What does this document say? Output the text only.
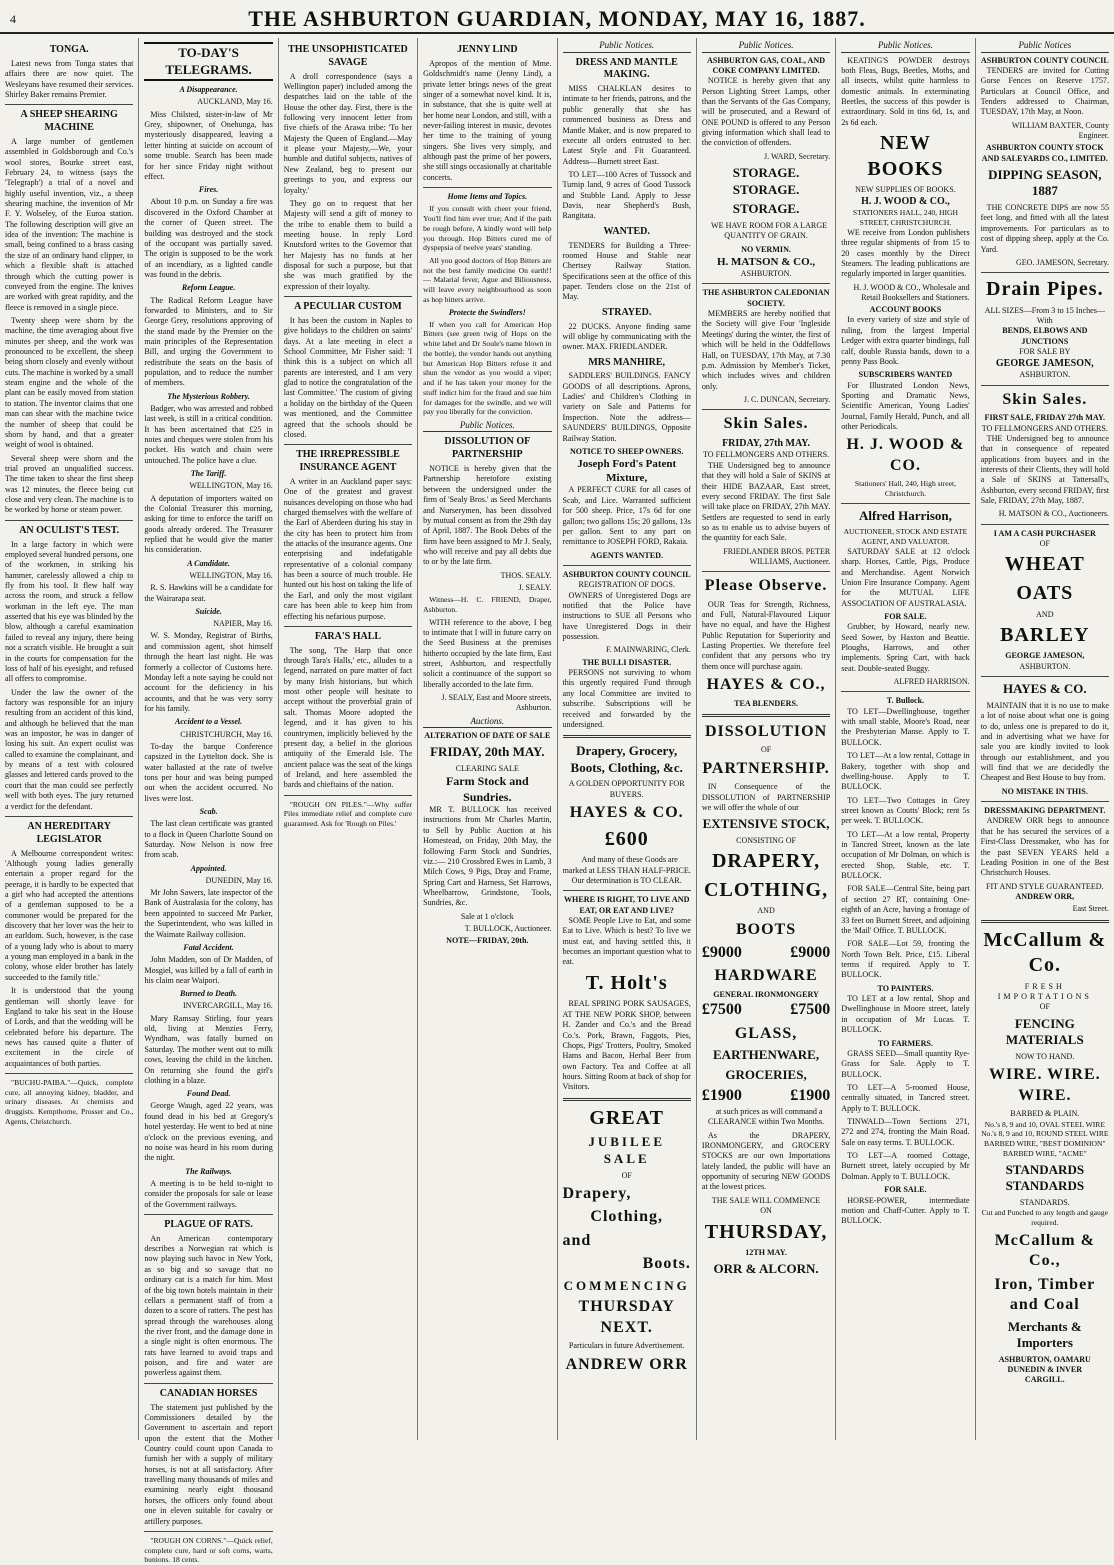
4	THE ASHBURTON GUARDIAN, MONDAY, MAY 16, 1887.
TONGA.

Latest news from Tonga states that affairs there are now quiet. The Wesleyans have resumed their services. Shirley Baker remains Premier.

A SHEEP SHEARING MACHINE

A large number of gentlemen assembled in Goldsborough and Co.'s wool stores, Bourke street east, February 24, to witness (says the 'Telegraph') a trial of a novel and highly useful invention, viz., a sheep shearing machine, the invention of Mr F. Y. Wolseley, of the Euroa station. The following description will give an idea of the invention: The machine is small, being confined to a brass casing the size of an ordinary hand clipper, to which a flexible shaft is attached through which the cutting power is conveyed from the engine. The knives are worked with great rapidity, and the fleece is removed in a single piece.

Twenty sheep were shorn by the machine, the time averaging about five minutes per sheep, and the work was pronounced to be excellent, the sheep being shorn closely and evenly without cuts. The machine is worked by a small steam engine and the whole of the plant can be easily moved from station to station. The inventor claims that one man can shear with the machine twice the number of sheep that could be shorn by hand, and that a greater weight of wool is obtained.

Several sheep were shorn and the trial proved an unqualified success. The time taken to shear the first sheep was 12 minutes, the fleece being cut close and very clean. The machine is to be worked by horse or steam power.

AN OCULIST'S TEST.

In a large factory in which were employed several hundred persons, one of the workmen, in striking his hammer, carelessly allowed a chip to fly from his tool. It flew half way across the room, and struck a fellow workman in the left eye. The man asserted that his eye was blinded by the blow, although a careful examination failed to reveal any injury, there being not a scratch visible. He brought a suit in the courts for compensation for the loss of half of his eyesight, and refused all offers to compromise.

Under the law the owner of the factory was responsible for an injury resulting from an accident of this kind, and although he believed that the man was an impostor, he was in danger of losing his suit. An expert oculist was called to examine the complainant, and by means of a test with coloured glasses and lettered cards proved to the court that the man could see perfectly well with both eyes. The jury returned a verdict for the defendant.

AN HEREDITARY LEGISLATOR

A Melbourne correspondent writes: 'Although young ladies generally entertain a proper regard for the peerage, it is hardly to be expected that a girl who had accepted the attentions of a gentleman supposed to be a commoner would be prepared for the discovery that her lover was the heir to an earldom. Such, however, is the case of a young lady who is about to marry a young man employed in a bank in the colony, whose elder brother has lately succeeded to the family title.'

It is understood that the young gentleman will shortly leave for England to take his seat in the House of Lords, and that the wedding will be celebrated before his departure. The news has caused quite a flutter of excitement in the circle of acquaintances of both parties.

"BUCHU-PAIBA."—Quick, complete cure, all annoying kidney, bladder, and urinary diseases. At chemists and druggists. Kempthorne, Prosser and Co., Agents, Christchurch.

TO-DAY'S TELEGRAMS.
A Disappearance.
AUCKLAND, May 16.

Miss Chilsted, sister-in-law of Mr Grey, shipowner, of Onehunga, has mysteriously disappeared, leaving a letter hinting at suicide on account of some trouble. Search has been made for her since Friday night without effect.

Fires.

About 10 p.m. on Sunday a fire was discovered in the Oxford Chamber at the corner of Queen street. The building was destroyed and the stock of the occupant was partially saved. The origin is supposed to be the work of an incendiary, as a lighted candle was found in the debris.

Reform League.

The Radical Reform League have forwarded to Ministers, and to Sir George Grey, resolutions approving of the stand made by the Premier on the main principles of the Representation Bill, and urging the Government to redistribute the seats on the basis of population, and to reduce the number of members.

The Mysterious Robbery.

Badger, who was arrested and robbed last week, is still in a critical condition. It has been ascertained that £25 in notes and cheques were stolen from his pocket. His watch and chain were untouched. The police have a clue.

The Tariff.
WELLINGTON, May 16.

A deputation of importers waited on the Colonial Treasurer this morning, asking for time to enforce the tariff on goods already ordered. The Treasurer replied that he would give the matter his consideration.

A Candidate.
WELLINGTON, May 16.

R. S. Hawkins will be a candidate for the Wairarapa seat.

Suicide.
NAPIER, May 16.

W. S. Monday, Registrar of Births, and commission agent, shot himself through the heart last night. He was formerly a collector of Customs here. Monday left a note saying he could not account for the deficiency in his accounts, and that he was very sorry for his family.

Accident to a Vessel.
CHRISTCHURCH, May 16.

To-day the barque Conference capsized in the Lyttelton dock. She is water ballasted at the rate of twelve tons per hour and was being pumped out when the accident occurred. No lives were lost.

Scab.

The last clean certificate was granted to a flock in Queen Charlotte Sound on Saturday. Now Nelson is now free from scab.

Appointed.
DUNEDIN, May 16.

Mr John Sawers, late inspector of the Bank of Australasia for the colony, has been appointed to succeed Mr Parker, the Superintendent, who was killed in the Waimate Railway collision.

Fatal Accident.

John Madden, son of Dr Madden, of Mosgiel, was killed by a fall of earth in his claim near Waipori.

Burned to Death.
INVERCARGILL, May 16.

Mary Ramsay Stirling, four years old, living at Menzies Ferry, Wyndham, was fatally burned on Saturday. The mother went out to milk cows, leaving the child in the kitchen. On returning she found the girl's clothing in a blaze.

Found Dead.

George Waugh, aged 22 years, was found dead in his bed at Gregory's hotel yesterday. He went to bed at nine o'clock on the previous evening, and no noise was heard in his room during the night.

The Railways.

A meeting is to be held to-night to consider the proposals for sale or lease of the Government railways.

PLAGUE OF RATS.

An American contemporary describes a Norwegian rat which is now playing such havoc in New York, as so big and so savage that no ordinary cat is a match for him. Most of the big town hotels maintain in their cellars a permanent staff of from a dozen to a score of ratters. The pest has spread through the warehouses along the river front, and the damage done in a single night is often enormous. The rats have learned to avoid traps and poison, and fire and water are powerless against them.

CANADIAN HORSES

The statement just published by the Commissioners detailed by the Government to ascertain and report upon the extent that the Mother Country could count upon Canada to furnish her with a supply of military horses, is not at all satisfactory. After travelling many thousands of miles and examining nearly eight thousand horses, the officers only found about one in eleven suitable for cavalry or artillery purposes.

"ROUGH ON CORNS."—Quick relief, complete cure, hard or soft corns, warts, bunions. 18 cents.

THE UNSOPHISTICATED SAVAGE

A droll correspondence (says a Wellington paper) included among the despatches laid on the table of the House the other day. First, there is the following very innocent letter from five chiefs of the Arawa tribe: 'To her Majesty the Queen of England.—May it please your Majesty,—We, your humble and dutiful subjects, natives of New Zealand, beg to present our greetings to you, and express our loyalty.'

They go on to request that her Majesty will send a gift of money to the tribe to enable them to build a meeting house. In reply Lord Knutsford writes to the Governor that her Majesty has no funds at her disposal for such a purpose, but that she was much gratified by the expression of their loyalty.

A PECULIAR CUSTOM

It has been the custom in Naples to give holidays to the children on saints' days. At a late meeting in elect a School Committee, Mr Fisher said: 'I think this is a subject on which all parents are interested, and I am very glad to notice the congratulation of the last Committee.' The custom of giving a holiday on the birthday of the Queen was mentioned, and the Committee agreed that the schools should be closed.

THE IRREPRESSIBLE INSURANCE AGENT

A writer in an Auckland paper says: One of the greatest and gravest nuisances developing on those who had charged themselves with the welfare of the Earl of Aberdeen during his stay in the city has been to protect him from the attacks of the insurance agents. One enterprising and indefatigable representative of a colonial company has been a source of much trouble. He hunted out his host on taking the life of the Earl, and only the most vigilant care has been able to keep him from effecting his nefarious purpose.

FARA'S HALL

The song, 'The Harp that once through Tara's Halls,' etc., alludes to a legend, narrated on pure matter of fact by many Irish historians, but which most other people will hesitate to accept without the proverbial grain of salt. Thomas Moore adopted the legend, and it has given to his countrymen, implicitly believed by the present day, a belief in the glorious antiquity of the Emerald Isle. The ancient palace was the seat of the kings of Ireland, and here assembled the bards and chieftains of the nation.

"ROUGH ON PILES."—Why suffer Piles immediate relief and complete cure guaranteed. Ask for 'Rough on Piles.'

JENNY LIND

Apropos of the mention of Mme. Goldschmidt's name (Jenny Lind), a private letter brings news of the great singer of a somewhat novel kind. It is, in substance, that she is quite well at her home near London, and still, with a never-failing interest in music, devotes her time to the training of young singers. She lives very simply, and although past the prime of her powers, she still sings occasionally at charitable concerts.

Home Items and Topics.

If you consult with cheer your friend, You'll find him ever true; And if the path be rough before, A kindly word will help you through. Hop Bitters cured me of dyspepsia of twelve years' standing.

All you good doctors of Hop Bitters are not the best family medicine On earth!! — Malarial fever, Ague and Biliousness, will leave every neighbourhood as soon as hop bitters arrive.

Protecte the Swindlers!

If when you call for American Hop Bitters (see green twig of Hops on the white label and Dr Soule's name blown in the bottle), the vendor hands out anything but American Hop Bitters refuse it and shun the vendor as you would a viper; and if he has taken your money for the stuff indict him for the fraud and sue him for damages for the swindle, and we will pay you liberally for the conviction.

Public Notices.
DISSOLUTION OF PARTNERSHIP

NOTICE is hereby given that the Partnership heretofore existing between the undersigned under the firm of 'Sealy Bros.' as Seed Merchants and Nurserymen, has been dissolved by mutual consent as from the 29th day of April, 1887. The Book Debts of the firm have been assigned to Mr J. Sealy, who will receive and pay all debts due to or by the late firm.

THOS. SEALY.
J. SEALY.

Witness—H. C. FRIEND, Draper, Ashburton.

WITH reference to the above, I beg to intimate that I will in future carry on the Seed Business at the premises hitherto occupied by the late firm, East street, Ashburton, and respectfully solicit a continuance of the support so liberally accorded to the late firm.

J. SEALY, East and Moore streets, Ashburton.
Auctions.
ALTERATION OF DATE OF SALE
FRIDAY, 20th MAY.
CLEARING SALE
Farm Stock and Sundries.

MR T. BULLOCK has received instructions from Mr Charles Martin, to Sell by Public Auction at his Homestead, on Friday, 20th May, the following Farm Stock and Sundries, viz.:— 210 Crossbred Ewes in Lamb, 3 Milch Cows, 9 Pigs, Dray and Frame, Spring Cart and Harness, Set Harrows, Wheelbarrow, Grindstone, Tools, Sundries, &c.

Sale at 1 o'clock
T. BULLOCK, Auctioneer.
NOTE—FRIDAY, 20th.
Public Notices.
DRESS AND MANTLE MAKING.

MISS CHALKLAN desires to intimate to her friends, patrons, and the public generally that she has commenced business as Dress and Mantle Maker, and is now prepared to execute all orders entrusted to her. Latest Style and Fit Guaranteed. Address—Burnett street East.

TO LET—100 Acres of Tussock and Turnip land, 9 acres of Good Tussock and Stubble Land. Apply to Jesse Davis, near Shepherd's Bush, Rangitata.

WANTED.

TENDERS for Building a Three-roomed House and Stable near Chertsey Railway Station. Specifications seen at the office of this paper. Tenders close on the 21st of May.

STRAYED.

22 DUCKS. Anyone finding same will oblige by communicating with the owner. MAX. FRIEDLANDER.

MRS MANHIRE,

SADDLERS' BUILDINGS. FANCY GOODS of all descriptions. Aprons, Ladies' and Children's Clothing in variety on Sale and Patterns for Inspection. Note the address—SAUNDERS' BUILDINGS, Opposite Railway Station.

NOTICE TO SHEEP OWNERS.
Joseph Ford's Patent Mixture,

A PERFECT CURE for all cases of Scab, and Lice. Warranted sufficient for 500 sheep. Price, 17s 6d for one gallon; two gallons 15s; 20 gallons, 13s per gallon. Sent to any part on remittance to JOSEPH FORD, Rakaia.

AGENTS WANTED.
ASHBURTON COUNTY COUNCIL
REGISTRATION OF DOGS.

OWNERS of Unregistered Dogs are notified that the Police have instructions to SUE all Persons who have Unregistered Dogs in their possession.

F. MAINWARING, Clerk.
THE BULLI DISASTER.

PERSONS not surviving to whom this urgently required Fund through any local Committee are invited to subscribe. Subscriptions will be received and forwarded by the undersigned.

Drapery, Grocery, Boots, Clothing, &c.
A GOLDEN OPPORTUNITY FOR BUYERS.
HAYES & CO.
£600

And many of these Goods are marked at LESS THAN HALF-PRICE. Our determination is TO CLEAR.

WHERE IS RIGHT, TO LIVE AND EAT, OR EAT AND LIVE?

SOME People Live to Eat, and some Eat to Live. Which is best? To live we must eat, and having settled this, it becomes an important question what to eat.

T. Holt's

REAL SPRING PORK SAUSAGES, AT THE NEW PORK SHOP, between H. Zander and Co.'s and the Bread Co.'s. Pork, Brawn, Faggots, Pies, Chops, Pigs' Trotters, Poultry, Smoked Hams and Bacon, Herbal Beer from own Factory. Tea and Coffee at all hours. Sitting Room at back of shop for Visitors.

GREAT
JUBILEE SALE
OF
Drapery,
Clothing,
and
Boots.
COMMENCING
THURSDAY NEXT.
Particulars in future Advertisement.
ANDREW ORR
Public Notices.
ASHBURTON GAS, COAL, AND COKE COMPANY LIMITED.

NOTICE is hereby given that any Person Lighting Street Lamps, other than the Servants of the Gas Company, will be prosecuted, and a Reward of ONE POUND is offered to any Person giving information which shall lead to the conviction of offenders.

J. WARD, Secretary.
STORAGE. STORAGE.
STORAGE.

WE HAVE ROOM FOR A LARGE QUANTITY OF GRAIN.

NO VERMIN.
H. MATSON & CO.,
ASHBURTON.
THE ASHBURTON CALEDONIAN SOCIETY.

MEMBERS are hereby notified that the Society will give Four 'Ingleside Meetings' during the winter, the first of which will be held in the Oddfellows Hall, on TUESDAY, 17th May, at 7.30 p.m. Admission by Member's Ticket, which includes wives and children only.

J. C. DUNCAN, Secretary.
Skin Sales.
FRIDAY, 27th MAY.
TO FELLMONGERS AND OTHERS.

THE Undersigned beg to announce that they will hold a Sale of SKINS at their HIDE BAZAAR, East street, every second FRIDAY. The first Sale will take place on FRIDAY, 27th MAY. Settlers are requested to send in early so as to enable us to advise buyers of the quantity for each Sale.

FRIEDLANDER BROS. PETER WILLIAMS, Auctioneer.
Please Observe.

OUR Teas for Strength, Richness, and Full, Natural-Flavoured Liquor have no equal, and have the Highest Public Reputation for Superiority and Lasting Properties. We therefore feel confident that any persons who try them once will purchase again.

HAYES & CO.,
TEA BLENDERS.
DISSOLUTION
OF
PARTNERSHIP.

IN Consequence of the DISSOLUTION of PARTNERSHIP we will offer the whole of our

EXTENSIVE STOCK,
CONSISTING OF
DRAPERY,
CLOTHING,
AND
BOOTS
£9000	£9000
HARDWARE
GENERAL IRONMONGERY
£7500	£7500
GLASS,
EARTHENWARE,
GROCERIES,
£1900	£1900

at such prices as will command a CLEARANCE within Two Months.

As the DRAPERY, IRONMONGERY, and GROCERY STOCKS are our own Importations lately landed, the public will have an opportunity of securing NEW GOODS at the lowest prices.

THE SALE WILL COMMENCE
ON
THURSDAY,
12TH MAY.
ORR & ALCORN.
Public Notices.

KEATING'S POWDER destroys both Fleas, Bugs, Beetles, Moths, and all insects, whilst quite harmless to domestic animals. In exterminating Beetles, the success of this powder is extraordinary. Sold in tins 6d, 1s, and 2s 6d each.

NEW BOOKS
NEW SUPPLIES OF BOOKS.
H. J. WOOD & CO.,
STATIONERS HALL, 240, HIGH STREET, CHRISTCHURCH.

WE receive from London publishers three regular shipments of from 15 to 20 cases monthly by the Direct Steamers. The leading publications are regularly imported in larger quantities.

H. J. WOOD & CO., Wholesale and Retail Booksellers and Stationers.
ACCOUNT BOOKS

In every variety of size and style of ruling, from the largest Imperial Ledger with extra quarter bindings, full calf, double Russia bands, down to a penny Pass Book.

SUBSCRIBERS WANTED

For Illustrated London News, Sporting and Dramatic News, Scientific American, Young Ladies' Journal, Family Herald, Punch, and all other Periodicals.

H. J. WOOD & CO.
Stationers' Hall, 240, High street, Christchurch.
Alfred Harrison,
AUCTIONEER, STOCK AND ESTATE AGENT, AND VALUATOR.

SATURDAY SALE at 12 o'clock sharp. Horses, Cattle, Pigs, Produce and Merchandise. Agent Norwich Union Fire Insurance Company. Agent for the MUTUAL LIFE ASSOCIATION OF AUSTRALASIA.

FOR SALE.

Grubber, by Howard, nearly new. Seed Sower, by Haxton and Beattie. Ploughs, Harrows, and other implements. Spring Cart, with back seat. Double-seated Buggy.

ALFRED HARRISON.
T. Bullock.

TO LET—Dwellinghouse, together with small stable, Moore's Road, near the Presbyterian Manse. Apply to T. BULLOCK.

TO LET—At a low rental, Cottage in Bakery, together with shop and dwelling-house. Apply to T. BULLOCK.

TO LET—Two Cottages in Grey street known as Coutts' Block; rent 5s per week. T. BULLOCK.

TO LET—At a low rental, Property in Tancred Street, known as the late occupation of Mr Dolman, on which is erected Shop, Stable, etc. T. BULLOCK.

FOR SALE—Central Site, being part of section 27 RT, containing One-eighth of an Acre, having a frontage of 33 feet on Burnett Street, and adjoining the 'Mail' Office. T. BULLOCK.

FOR SALE—Lot 59, fronting the North Town Belt. Price, £15. Liberal terms if required. Apply to T. BULLOCK.

TO PAINTERS.

TO LET at a low rental, Shop and Dwellinghouse in Moore street, lately in occupation of Mr Lucas. T. BULLOCK.

TO FARMERS.

GRASS SEED—Small quantity Rye-Grass for Sale. Apply to T. BULLOCK.

TO LET—A 5-roomed House, centrally situated, in Tancred street. Apply to T. BULLOCK.

TINWALD—Town Sections 271, 272 and 274, fronting the Main Road. Sale on easy terms. T. BULLOCK.

TO LET—A roomed Cottage, Burnett street, lately occupied by Mr Dolman. Apply to T. BULLOCK.

FOR SALE.

HORSE-POWER, intermediate motion and Chaff-Cutter. Apply to T. BULLOCK.

Public Notices
ASHBURTON COUNTY COUNCIL

TENDERS are invited for Cutting Gorse Fences on Reserve 1757. Particulars at Council Office, and Tenders addressed to Chairman, TUESDAY, 17th May, at Noon.

WILLIAM BAXTER, County Engineer.
ASHBURTON COUNTY STOCK AND SALEYARDS CO., LIMITED.
DIPPING SEASON, 1887

THE CONCRETE DIPS are now 55 feet long, and fitted with all the latest improvements. For particulars as to cost of dipping sheep, apply at the Co. Yard.

GEO. JAMESON, Secretary.
Drain Pipes.
ALL SIZES—From 3 to 15 Inches—
With
BENDS, ELBOWS AND JUNCTIONS
FOR SALE BY
GEORGE JAMESON,
ASHBURTON.
Skin Sales.
FIRST SALE, FRIDAY 27th MAY.
TO FELLMONGERS AND OTHERS.

THE Undersigned beg to announce that in consequence of repeated applications from buyers and in the interests of their Clients, they will hold a Sale of SKINS at Tattersall's, Ashburton, every second FRIDAY, first Sale, FRIDAY, 27th May, 1887.

H. MATSON & CO., Auctioneers.
I AM A CASH PURCHASER
OF
WHEAT
OATS
AND
BARLEY
GEORGE JAMESON,
ASHBURTON.
HAYES & CO.

MAINTAIN that it is no use to make a lot of noise about what one is going to do, unless one is prepared to do it, and in advertising what we have for sale you are kindly invited to look through our establishment, and you will find that we are decidedly the Cheapest and Best House to buy from.

NO MISTAKE IN THIS.
DRESSMAKING DEPARTMENT.

ANDREW ORR begs to announce that he has secured the services of a First-Class Dressmaker, who has for the past SEVEN YEARS held a Leading Position in one of the Best Christchurch Houses.

FIT AND STYLE GUARANTEED.
ANDREW ORR,
East Street.
McCallum & Co.
FRESH IMPORTATIONS
OF
FENCING MATERIALS
NOW TO HAND.
WIRE. WIRE. WIRE.
BARBED & PLAIN.
No.'s 8, 9 and 10, OVAL STEEL WIRE
No.'s 8, 9 and 10, ROUND STEEL WIRE
BARBED WIRE, "BEST DOMINION"
BARBED WIRE, "ACME"
STANDARDS STANDARDS
STANDARDS.
Cut and Punched to any length and gauge required.
McCallum & Co.,
Iron, Timber and Coal
Merchants & Importers
ASHBURTON, OAMARU
DUNEDIN & INVER
CARGILL.
